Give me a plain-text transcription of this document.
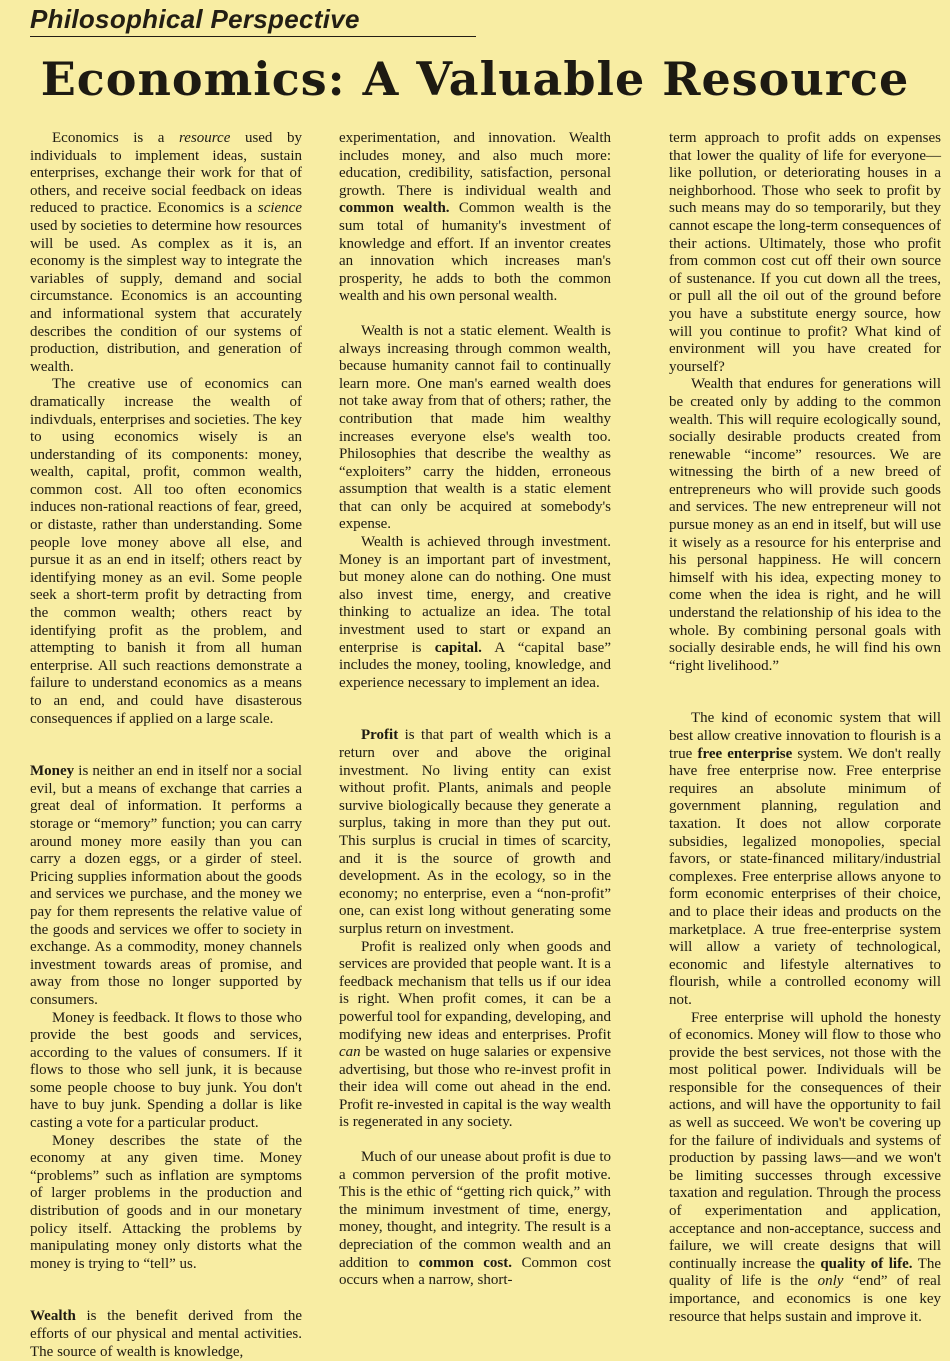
Philosophical Perspective
Economics: A Valuable Resource

Economics is a resource used by individuals to implement ideas, sustain enterprises, exchange their work for that of others, and receive social feedback on ideas reduced to practice. Economics is a science used by societies to determine how resources will be used. As complex as it is, an economy is the simplest way to integrate the variables of supply, demand and social circumstance. Economics is an accounting and informational system that accurately describes the condition of our systems of production, distribution, and generation of wealth.

The creative use of economics can dramatically increase the wealth of indivduals, enterprises and societies. The key to using economics wisely is an understanding of its components: money, wealth, capital, profit, common wealth, common cost. All too often economics induces non-rational reactions of fear, greed, or distaste, rather than understanding. Some people love money above all else, and pursue it as an end in itself; others react by identifying money as an evil. Some people seek a short-term profit by detracting from the common wealth; others react by identifying profit as the problem, and attempting to banish it from all human enterprise. All such reactions demonstrate a failure to understand economics as a means to an end, and could have disasterous consequences if applied on a large scale.

Money is neither an end in itself nor a social evil, but a means of exchange that carries a great deal of information. It performs a storage or “memory” function; you can carry around money more easily than you can carry a dozen eggs, or a girder of steel. Pricing supplies information about the goods and services we purchase, and the money we pay for them represents the relative value of the goods and services we offer to society in exchange. As a commodity, money channels investment towards areas of promise, and away from those no longer supported by consumers.

Money is feedback. It flows to those who provide the best goods and services, according to the values of consumers. If it flows to those who sell junk, it is because some people choose to buy junk. You don't have to buy junk. Spending a dollar is like casting a vote for a particular product.

Money describes the state of the economy at any given time. Money “problems” such as inflation are symptoms of larger problems in the production and distribution of goods and in our monetary policy itself. Attacking the problems by manipulating money only distorts what the money is trying to “tell” us.

Wealth is the benefit derived from the efforts of our physical and mental activities. The source of wealth is knowledge,

experimentation, and innovation. Wealth includes money, and also much more: education, credibility, satisfaction, personal growth. There is individual wealth and common wealth. Common wealth is the sum total of humanity's investment of knowledge and effort. If an inventor creates an innovation which increases man's prosperity, he adds to both the common wealth and his own personal wealth.

Wealth is not a static element. Wealth is always increasing through common wealth, because humanity cannot fail to continually learn more. One man's earned wealth does not take away from that of others; rather, the contribution that made him wealthy increases everyone else's wealth too. Philosophies that describe the wealthy as “exploiters” carry the hidden, erroneous assumption that wealth is a static element that can only be acquired at somebody's expense.

Wealth is achieved through investment. Money is an important part of investment, but money alone can do nothing. One must also invest time, energy, and creative thinking to actualize an idea. The total investment used to start or expand an enterprise is capital. A “capital base” includes the money, tooling, knowledge, and experience necessary to implement an idea.

Profit is that part of wealth which is a return over and above the original investment. No living entity can exist without profit. Plants, animals and people survive biologically because they generate a surplus, taking in more than they put out. This surplus is crucial in times of scarcity, and it is the source of growth and development. As in the ecology, so in the economy; no enterprise, even a “non-profit” one, can exist long without generating some surplus return on investment.

Profit is realized only when goods and services are provided that people want. It is a feedback mechanism that tells us if our idea is right. When profit comes, it can be a powerful tool for expanding, developing, and modifying new ideas and enterprises. Profit can be wasted on huge salaries or expensive advertising, but those who re-invest profit in their idea will come out ahead in the end. Profit re-invested in capital is the way wealth is regenerated in any society.

Much of our unease about profit is due to a common perversion of the profit motive. This is the ethic of “getting rich quick,” with the minimum investment of time, energy, money, thought, and integrity. The result is a depreciation of the common wealth and an addition to common cost. Common cost occurs when a narrow, short-

term approach to profit adds on expenses that lower the quality of life for everyone—like pollution, or deteriorating houses in a neighborhood. Those who seek to profit by such means may do so temporarily, but they cannot escape the long-term consequences of their actions. Ultimately, those who profit from common cost cut off their own source of sustenance. If you cut down all the trees, or pull all the oil out of the ground before you have a substitute energy source, how will you continue to profit? What kind of environment will you have created for yourself?

Wealth that endures for generations will be created only by adding to the common wealth. This will require ecologically sound, socially desirable products created from renewable “income” resources. We are witnessing the birth of a new breed of entrepreneurs who will provide such goods and services. The new entrepreneur will not pursue money as an end in itself, but will use it wisely as a resource for his enterprise and his personal happiness. He will concern himself with his idea, expecting money to come when the idea is right, and he will understand the relationship of his idea to the whole. By combining personal goals with socially desirable ends, he will find his own “right livelihood.”

The kind of economic system that will best allow creative innovation to flourish is a true free enterprise system. We don't really have free enterprise now. Free enterprise requires an absolute minimum of government planning, regulation and taxation. It does not allow corporate subsidies, legalized monopolies, special favors, or state-financed military/industrial complexes. Free enterprise allows anyone to form economic enterprises of their choice, and to place their ideas and products on the marketplace. A true free-enterprise system will allow a variety of technological, economic and lifestyle alternatives to flourish, while a controlled economy will not.

Free enterprise will uphold the honesty of economics. Money will flow to those who provide the best services, not those with the most political power. Individuals will be responsible for the consequences of their actions, and will have the opportunity to fail as well as succeed. We won't be covering up for the failure of individuals and systems of production by passing laws—and we won't be limiting successes through excessive taxation and regulation. Through the process of experimentation and application, acceptance and non-acceptance, success and failure, we will create designs that will continually increase the quality of life. The quality of life is the only “end” of real importance, and economics is one key resource that helps sustain and improve it.
